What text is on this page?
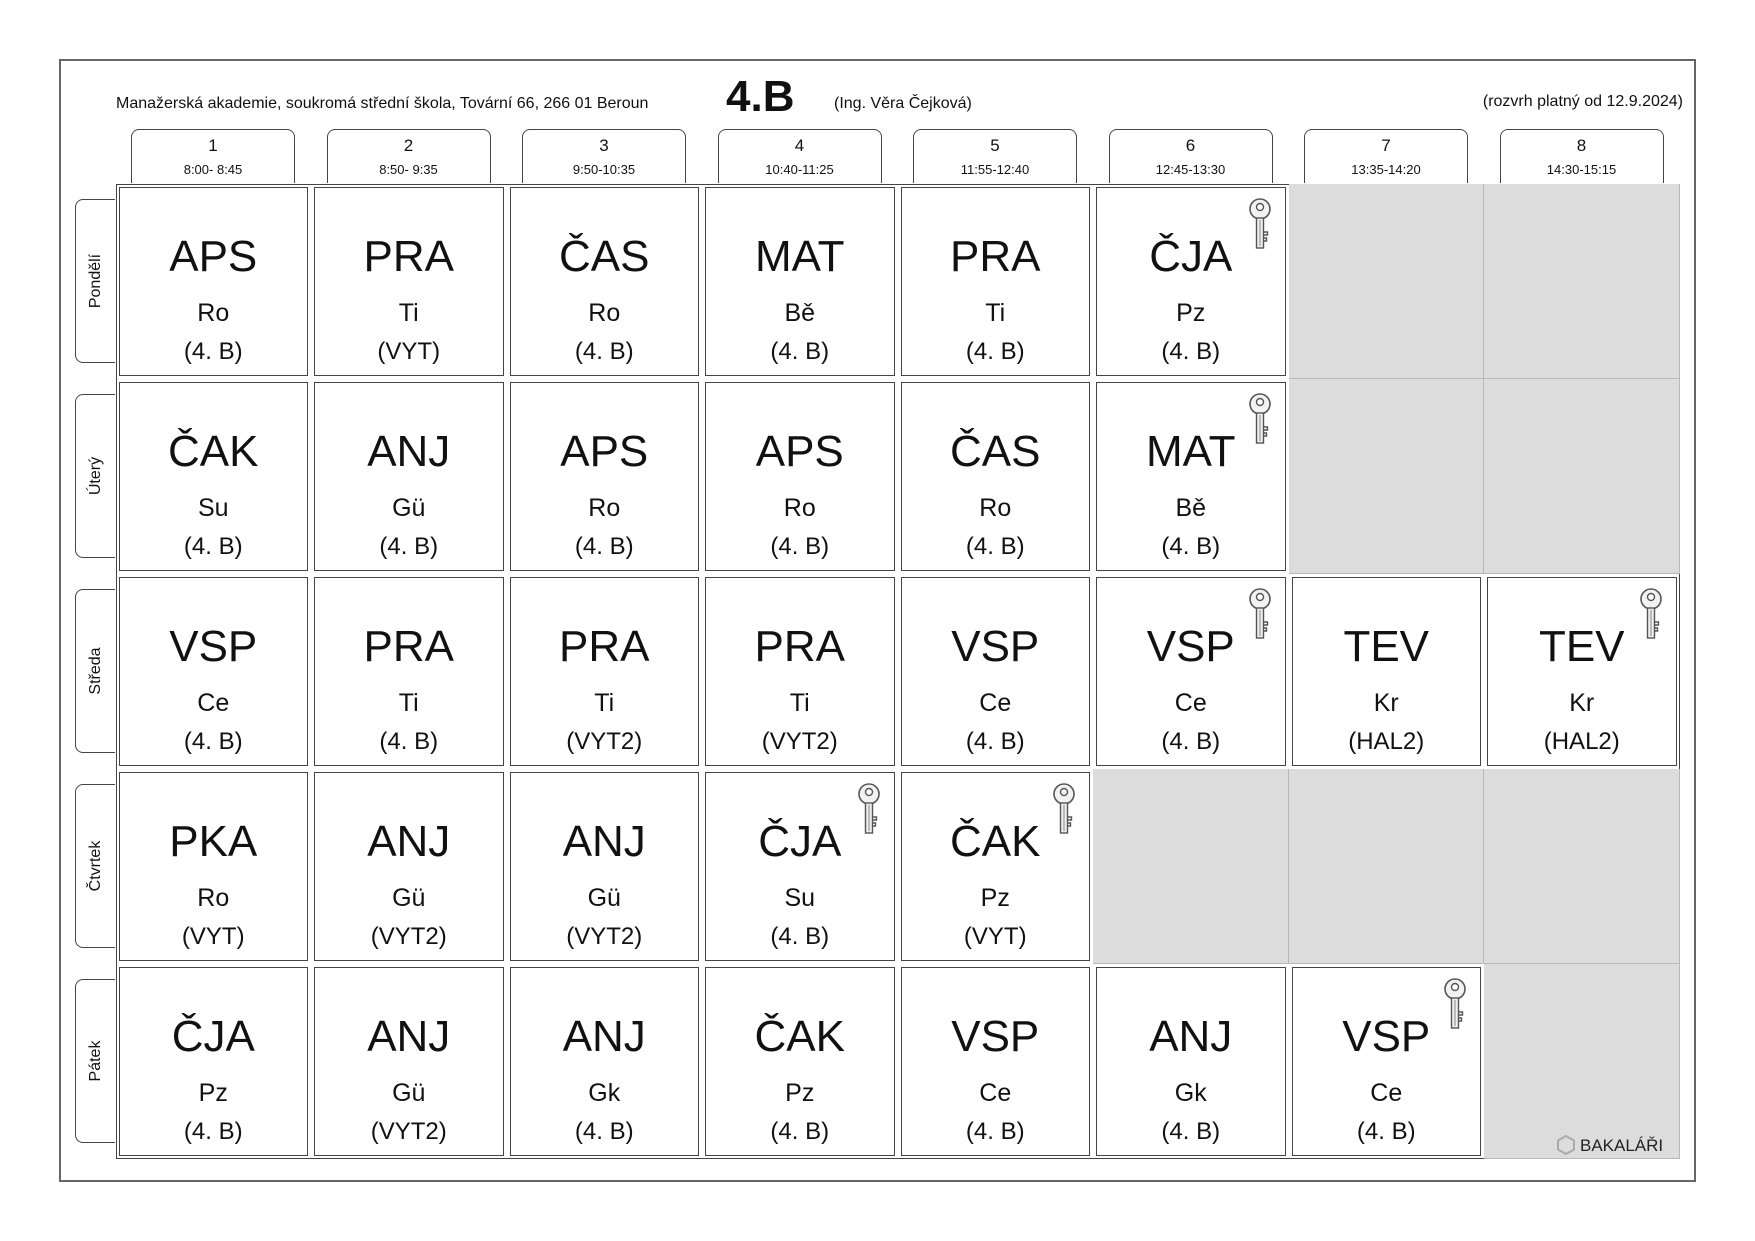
Manažerská akademie, soukromá střední škola, Tovární 66, 266 01 Beroun 4.B (Ing. Věra Čejková)	(rozvrh platný od 12.9.2024)
1
8:00- 8:45
2
8:50- 9:35
3
9:50-10:35
4
10:40-11:25
5
11:55-12:40
6
12:45-13:30
7
13:35-14:20
8
14:30-15:15
Pondělí
Úterý
Středa
Čtvrtek
Pátek
APS
Ro
(4. B)
PRA
Ti
(VYT)
ČAS
Ro
(4. B)
MAT
Bě
(4. B)
PRA
Ti
(4. B)
ČJA
Pz
(4. B)
ČAK
Su
(4. B)
ANJ
Gü
(4. B)
APS
Ro
(4. B)
APS
Ro
(4. B)
ČAS
Ro
(4. B)
MAT
Bě
(4. B)
VSP
Ce
(4. B)
PRA
Ti
(4. B)
PRA
Ti
(VYT2)
PRA
Ti
(VYT2)
VSP
Ce
(4. B)
VSP
Ce
(4. B)
TEV
Kr
(HAL2)
TEV
Kr
(HAL2)
PKA
Ro
(VYT)
ANJ
Gü
(VYT2)
ANJ
Gü
(VYT2)
ČJA
Su
(4. B)
ČAK
Pz
(VYT)
ČJA
Pz
(4. B)
ANJ
Gü
(VYT2)
ANJ
Gk
(4. B)
ČAK
Pz
(4. B)
VSP
Ce
(4. B)
ANJ
Gk
(4. B)
VSP
Ce
(4. B)
BAKALÁŘI
